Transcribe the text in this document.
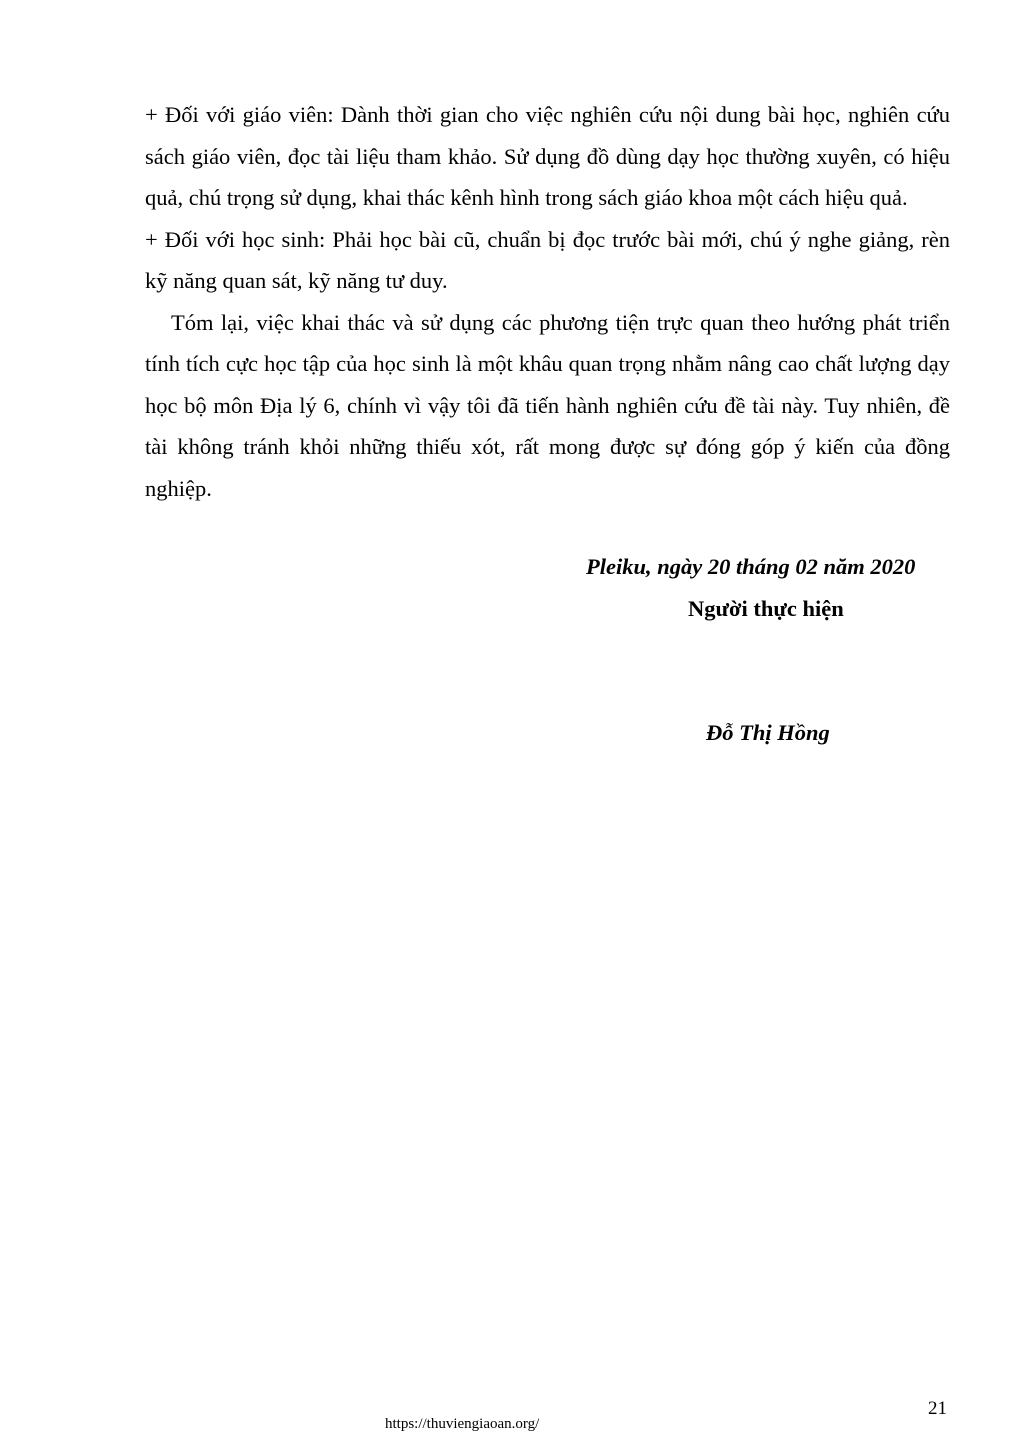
+ Đối với giáo viên: Dành thời gian cho việc nghiên cứu nội dung bài học, nghiên cứu sách giáo viên, đọc tài liệu tham khảo. Sử dụng đồ dùng dạy học thường xuyên, có hiệu quả, chú trọng sử dụng, khai thác kênh hình trong sách giáo khoa một cách hiệu quả.

+ Đối với học sinh: Phải học bài cũ, chuẩn bị đọc trước bài mới, chú ý nghe giảng, rèn kỹ năng quan sát, kỹ năng tư duy.

Tóm lại, việc khai thác và sử dụng các phương tiện trực quan theo hướng phát triển tính tích cực học tập của học sinh là một khâu quan trọng nhằm nâng cao chất lượng dạy học bộ môn Địa lý 6, chính vì vậy tôi đã tiến hành nghiên cứu đề tài này. Tuy nhiên, đề tài không tránh khỏi những thiếu xót, rất mong được sự đóng góp ý kiến của đồng nghiệp.

Pleiku, ngày 20 tháng 02 năm 2020
Người thực hiện
Đỗ Thị Hồng
21
https://thuviengiaoan.org/
